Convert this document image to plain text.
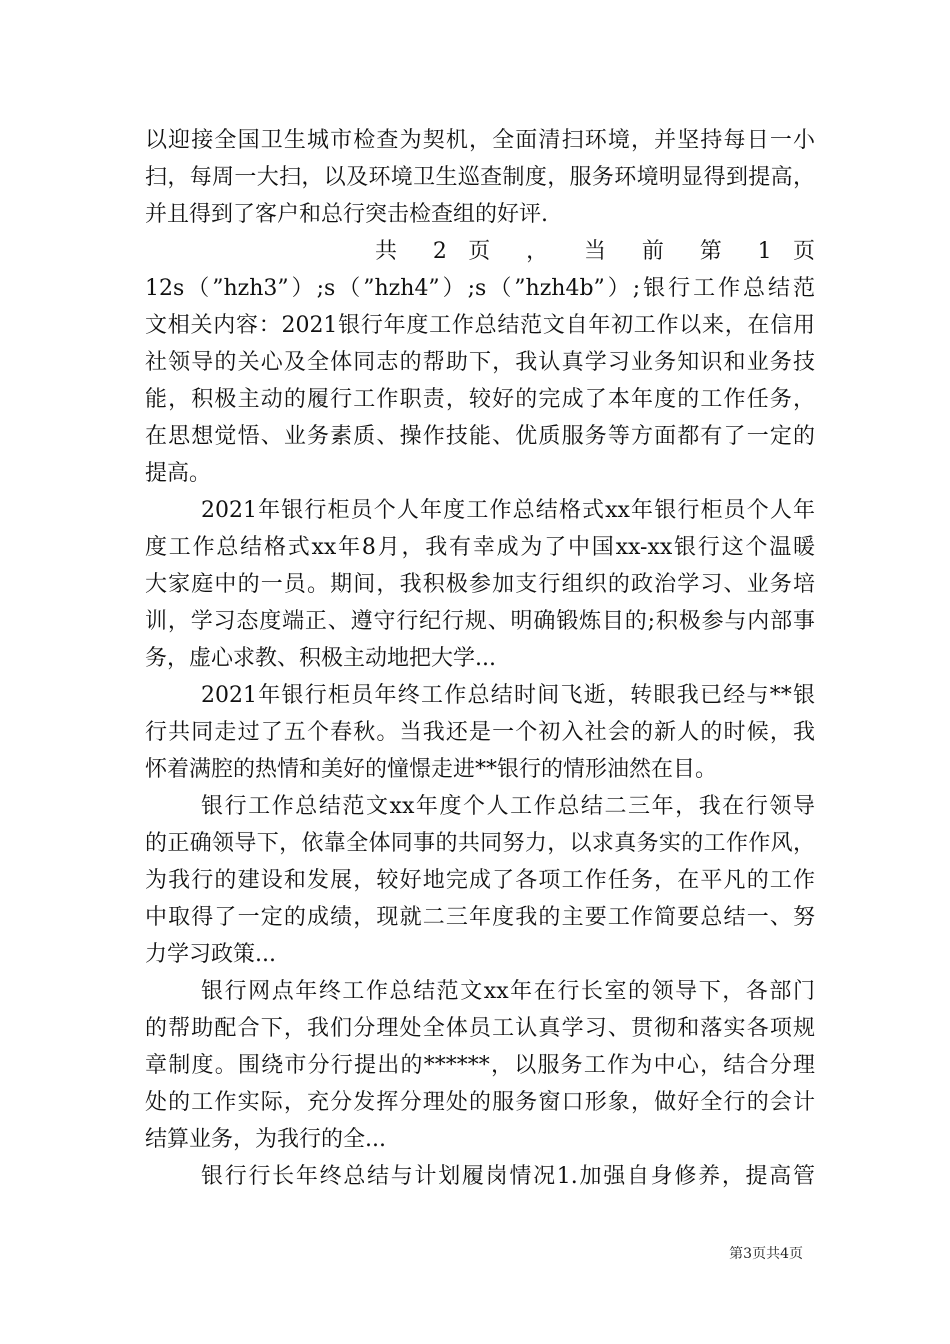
以迎接全国卫生城市检查为契机，全面清扫环境，并坚持每日一小
扫，每周一大扫，以及环境卫生巡查制度，服务环境明显得到提高，
并且得到了客户和总行突击检查组的好评.
共 2 页 ， 当 前 第 1 页
12s（”hzh3”）;s（”hzh4”）;s（”hzh4b”）;银行工作总结范
文相关内容：2021银行年度工作总结范文自年初工作以来，在信用
社领导的关心及全体同志的帮助下，我认真学习业务知识和业务技
能，积极主动的履行工作职责，较好的完成了本年度的工作任务，
在思想觉悟、业务素质、操作技能、优质服务等方面都有了一定的
提高。
2021年银行柜员个人年度工作总结格式xx年银行柜员个人年
度工作总结格式xx年8月，我有幸成为了中国xx-xx银行这个温暖
大家庭中的一员。期间，我积极参加支行组织的政治学习、业务培
训，学习态度端正、遵守行纪行规、明确锻炼目的;积极参与内部事
务，虚心求教、积极主动地把大学...
2021年银行柜员年终工作总结时间飞逝，转眼我已经与**银
行共同走过了五个春秋。当我还是一个初入社会的新人的时候，我
怀着满腔的热情和美好的憧憬走进**银行的情形油然在目。
银行工作总结范文xx年度个人工作总结二三年，我在行领导
的正确领导下，依靠全体同事的共同努力，以求真务实的工作作风，
为我行的建设和发展，较好地完成了各项工作任务，在平凡的工作
中取得了一定的成绩，现就二三年度我的主要工作简要总结一、努
力学习政策...
银行网点年终工作总结范文xx年在行长室的领导下，各部门
的帮助配合下，我们分理处全体员工认真学习、贯彻和落实各项规
章制度。围绕市分行提出的******，以服务工作为中心，结合分理
处的工作实际，充分发挥分理处的服务窗口形象，做好全行的会计
结算业务，为我行的全...
银行行长年终总结与计划履岗情况1.加强自身修养，提高管
第3页共4页
